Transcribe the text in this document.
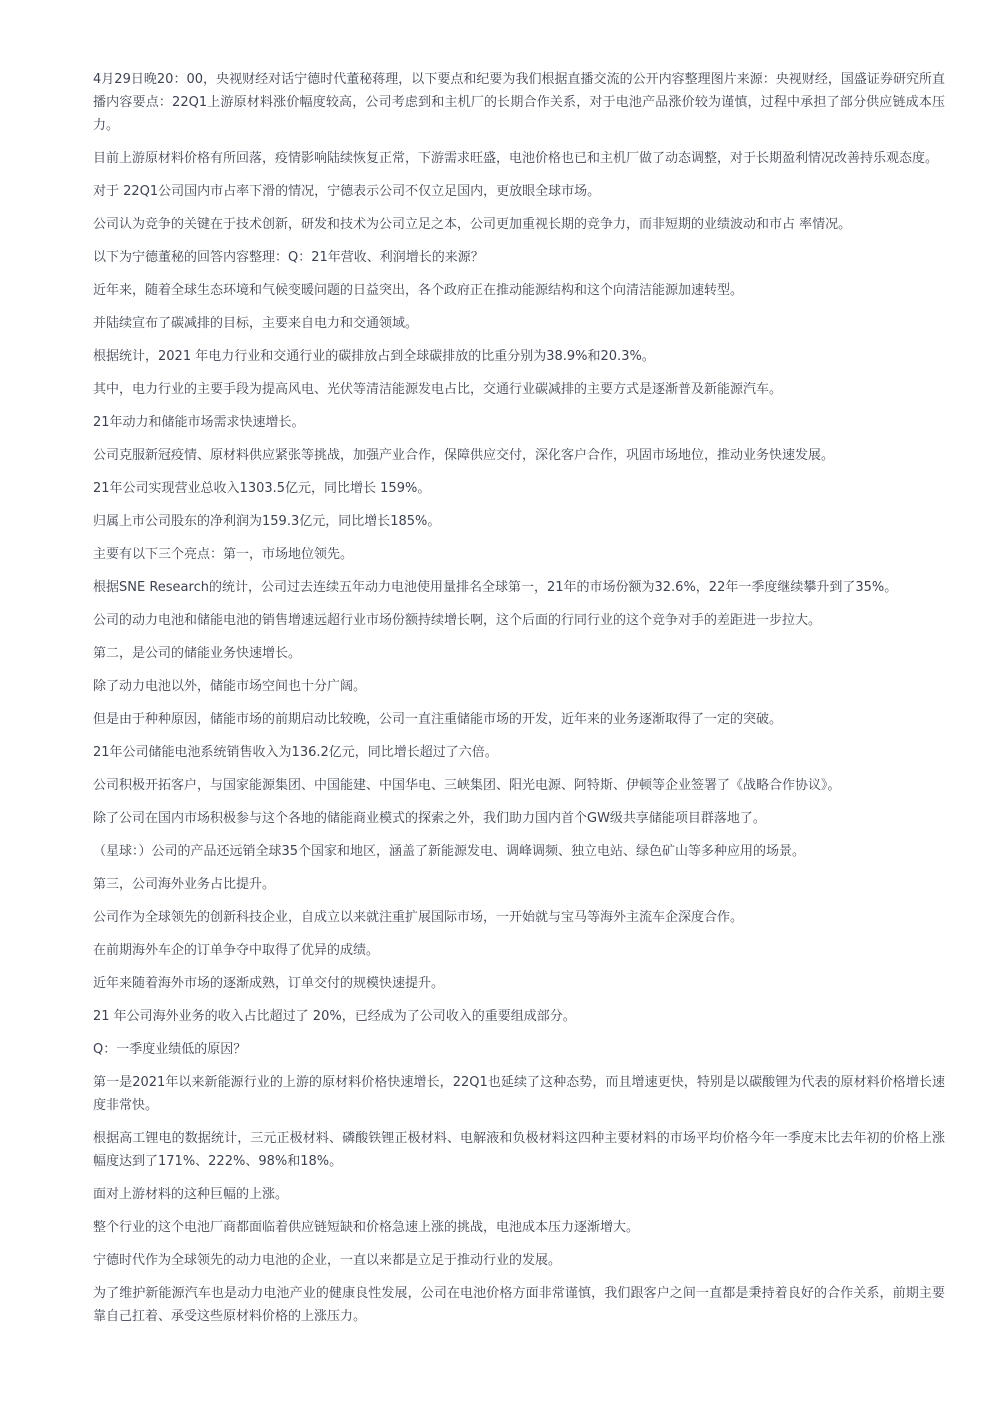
4月29日晚20：00，央视财经对话宁德时代董秘蒋理，以下要点和纪要为我们根据直播交流的公开内容整理图片来源：央视财经，国盛证券研究所直播内容要点：22Q1上游原材料涨价幅度较高，公司考虑到和主机厂的长期合作关系，对于电池产品涨价较为谨慎，过程中承担了部分供应链成本压力。

目前上游原材料价格有所回落，疫情影响陆续恢复正常，下游需求旺盛，电池价格也已和主机厂做了动态调整，对于长期盈利情况改善持乐观态度。

对于 22Q1公司国内市占率下滑的情况，宁德表示公司不仅立足国内，更放眼全球市场。

公司认为竞争的关键在于技术创新，研发和技术为公司立足之本，公司更加重视长期的竞争力，而非短期的业绩波动和市占 率情况。

以下为宁德董秘的回答内容整理：Q：21年营收、利润增长的来源？

近年来，随着全球生态环境和气候变暖问题的日益突出，各个政府正在推动能源结构和这个向清洁能源加速转型。

并陆续宣布了碳减排的目标，主要来自电力和交通领域。

根据统计，2021 年电力行业和交通行业的碳排放占到全球碳排放的比重分别为38.9%和20.3%。

其中，电力行业的主要手段为提高风电、光伏等清洁能源发电占比，交通行业碳减排的主要方式是逐渐普及新能源汽车。

21年动力和储能市场需求快速增长。

公司克服新冠疫情、原材料供应紧张等挑战，加强产业合作，保障供应交付，深化客户合作，巩固市场地位，推动业务快速发展。

21年公司实现营业总收入1303.5亿元，同比增长 159%。

归属上市公司股东的净利润为159.3亿元，同比增长185%。

主要有以下三个亮点：第一，市场地位领先。

根据SNE Research的统计，公司过去连续五年动力电池使用量排名全球第一，21年的市场份额为32.6%，22年一季度继续攀升到了35%。

公司的动力电池和储能电池的销售增速远超行业市场份额持续增长啊，这个后面的行同行业的这个竞争对手的差距进一步拉大。

第二，是公司的储能业务快速增长。

除了动力电池以外，储能市场空间也十分广阔。

但是由于种种原因，储能市场的前期启动比较晚，公司一直注重储能市场的开发，近年来的业务逐渐取得了一定的突破。

21年公司储能电池系统销售收入为136.2亿元，同比增长超过了六倍。

公司积极开拓客户，与国家能源集团、中国能建、中国华电、三峡集团、阳光电源、阿特斯、伊顿等企业签署了《战略合作协议》。

除了公司在国内市场积极参与这个各地的储能商业模式的探索之外，我们助力国内首个GW级共享储能项目群落地了。

（星球：）公司的产品还远销全球35个国家和地区，涵盖了新能源发电、调峰调频、独立电站、绿色矿山等多种应用的场景。

第三，公司海外业务占比提升。

公司作为全球领先的创新科技企业，自成立以来就注重扩展国际市场，一开始就与宝马等海外主流车企深度合作。

在前期海外车企的订单争夺中取得了优异的成绩。

近年来随着海外市场的逐渐成熟，订单交付的规模快速提升。

21 年公司海外业务的收入占比超过了 20%，已经成为了公司收入的重要组成部分。

Q：一季度业绩低的原因？

第一是2021年以来新能源行业的上游的原材料价格快速增长，22Q1也延续了这种态势，而且增速更快，特别是以碳酸锂为代表的原材料价格增长速度非常快。

根据高工锂电的数据统计，三元正极材料、磷酸铁锂正极材料、电解液和负极材料这四种主要材料的市场平均价格今年一季度末比去年初的价格上涨幅度达到了171%、222%、98%和18%。

面对上游材料的这种巨幅的上涨。

整个行业的这个电池厂商都面临着供应链短缺和价格急速上涨的挑战，电池成本压力逐渐增大。

宁德时代作为全球领先的动力电池的企业，一直以来都是立足于推动行业的发展。

为了维护新能源汽车也是动力电池产业的健康良性发展，公司在电池价格方面非常谨慎，我们跟客户之间一直都是秉持着良好的合作关系，前期主要靠自己扛着、承受这些原材料价格的上涨压力。
